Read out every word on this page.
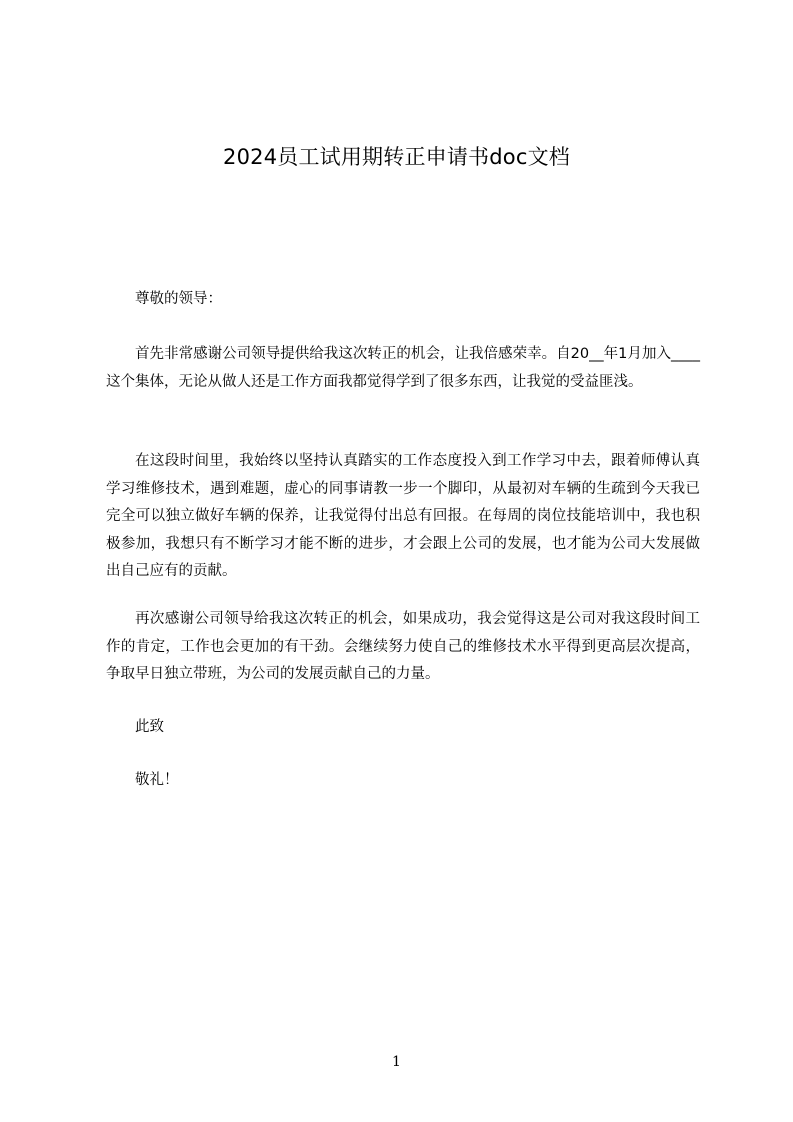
2024员工试用期转正申请书doc文档
尊敬的领导：

首先非常感谢公司领导提供给我这次转正的机会，让我倍感荣幸。自20__年1月加入____这个集体，无论从做人还是工作方面我都觉得学到了很多东西，让我觉的受益匪浅。

在这段时间里，我始终以坚持认真踏实的工作态度投入到工作学习中去，跟着师傅认真学习维修技术，遇到难题，虚心的同事请教一步一个脚印，从最初对车辆的生疏到今天我已完全可以独立做好车辆的保养，让我觉得付出总有回报。在每周的岗位技能培训中，我也积极参加，我想只有不断学习才能不断的进步，才会跟上公司的发展，也才能为公司大发展做出自己应有的贡献。

再次感谢公司领导给我这次转正的机会，如果成功，我会觉得这是公司对我这段时间工作的肯定，工作也会更加的有干劲。会继续努力使自己的维修技术水平得到更高层次提高，争取早日独立带班，为公司的发展贡献自己的力量。

此致
敬礼！
1
